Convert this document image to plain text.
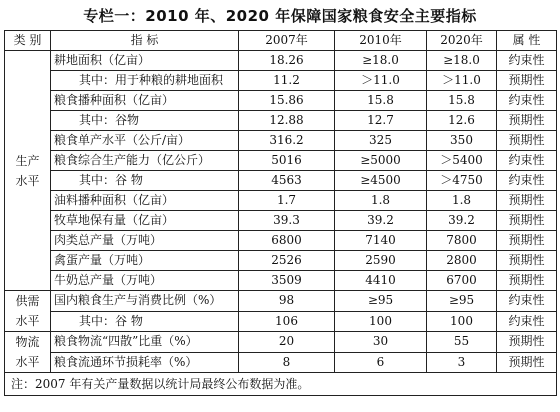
专栏一：2010 年、2020 年保障国家粮食安全主要指标
类 别	指 标	2007年	2010年	2020年	属 性
生产
水平	耕地面积（亿亩）	18.26	≥18.0	≥18.0	约束性
	其中：用于种粮的耕地面积	11.2	＞11.0	＞11.0	预期性
	粮食播种面积（亿亩）	15.86	15.8	15.8	约束性
	其中：谷物	12.88	12.7	12.6	预期性
	粮食单产水平（公斤/亩）	316.2	325	350	预期性
	粮食综合生产能力（亿公斤）	5016	≥5000	＞5400	约束性
	其中：谷 物	4563	≥4500	＞4750	约束性
	油料播种面积（亿亩）	1.7	1.8	1.8	预期性
	牧草地保有量（亿亩）	39.3	39.2	39.2	预期性
	肉类总产量（万吨）	6800	7140	7800	预期性
	禽蛋产量（万吨）	2526	2590	2800	预期性
	牛奶总产量（万吨）	3509	4410	6700	预期性
供需
水平	国内粮食生产与消费比例（%）	98	≥95	≥95	约束性
	其中：谷 物	106	100	100	约束性
物流
水平	粮食物流“四散”比重（%）	20	30	55	预期性
	粮食流通环节损耗率（%）	8	6	3	预期性
注：2007 年有关产量数据以统计局最终公布数据为准。					
